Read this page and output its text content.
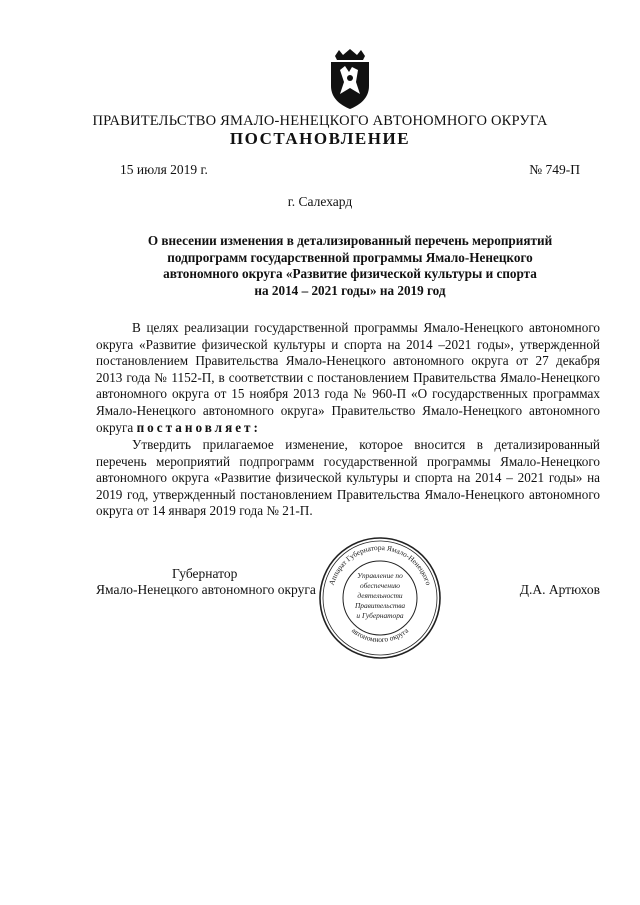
ПРАВИТЕЛЬСТВО ЯМАЛО-НЕНЕЦКОГО АВТОНОМНОГО ОКРУГА
ПОСТАНОВЛЕНИЕ
15 июля 2019 г.	№ 749-П
г. Салехард
О внесении изменения в детализированный перечень мероприятий
подпрограмм государственной программы Ямало-Ненецкого
автономного округа «Развитие физической культуры и спорта
на 2014 – 2021 годы» на 2019 год

В целях реализации государственной программы Ямало-Ненецкого автономного округа «Развитие физической культуры и спорта на 2014 –2021 годы», утвержденной постановлением Правительства Ямало-Ненецкого автономного округа от 27 декабря 2013 года № 1152-П, в соответствии с постановлением Правительства Ямало-Ненецкого автономного округа от 15 ноября 2013 года № 960-П «О государственных программах Ямало-Ненецкого автономного округа» Правительство Ямало-Ненецкого автономного округа постановляет:

Утвердить прилагаемое изменение, которое вносится в детализированный перечень мероприятий подпрограмм государственной программы Ямало-Ненецкого автономного округа «Развитие физической культуры и спорта на 2014 – 2021 годы» на 2019 год, утвержденный постановлением Правительства Ямало-Ненецкого автономного округа от 14 января 2019 года № 21-П.

Губернатор
Ямало-Ненецкого автономного округа	Д.А. Артюхов
Аппарат Губернатора Ямало-Ненецкого
автономного округа
Управление по
обеспечению
деятельности
Правительства
и Губернатора
